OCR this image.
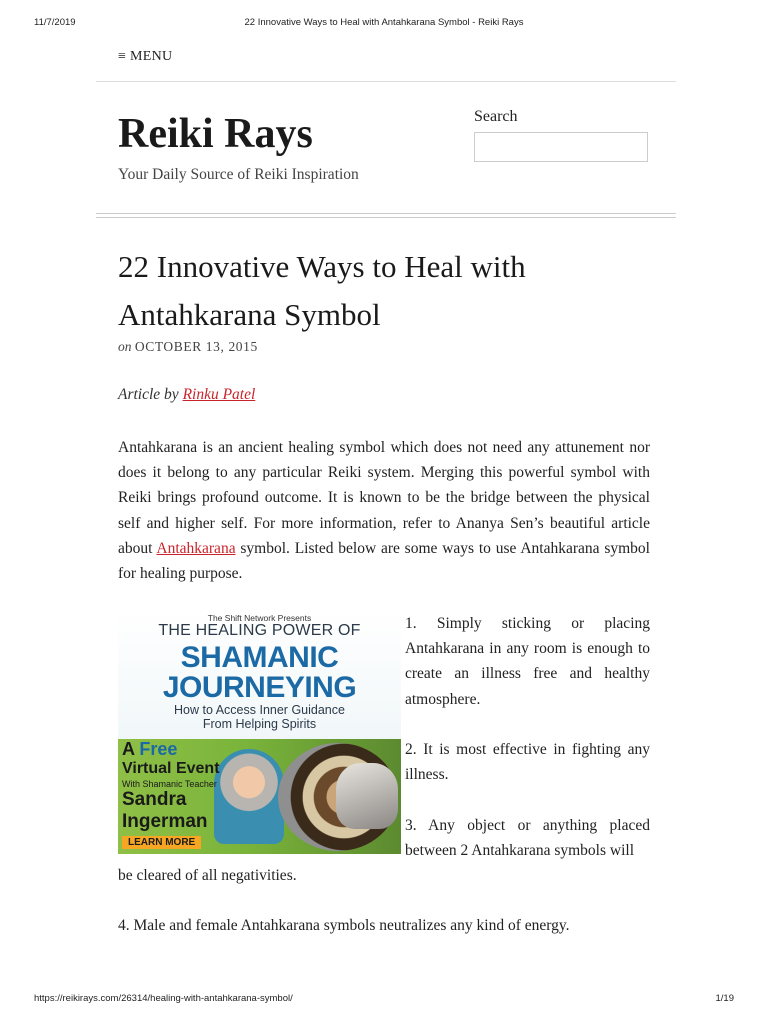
11/7/2019	22 Innovative Ways to Heal with Antahkarana Symbol - Reiki Rays
≡ MENU
Reiki Rays
Your Daily Source of Reiki Inspiration
Search
22 Innovative Ways to Heal with
Antahkarana Symbol
on OCTOBER 13, 2015
Article by Rinku Patel

Antahkarana is an ancient healing symbol which does not need any attunement nor does it belong to any particular Reiki system. Merging this powerful symbol with Reiki brings profound outcome. It is known to be the bridge between the physical self and higher self. For more information, refer to Ananya Sen’s beautiful article about Antahkarana symbol. Listed below are some ways to use Antahkarana symbol for healing purpose.

The Shift Network Presents
THE HEALING POWER OF
SHAMANIC
JOURNEYING
How to Access Inner Guidance
From Helping Spirits
A Free
Virtual Event
With Shamanic Teacher
Sandra
Ingerman
LEARN MORE

1. Simply sticking or placing Antahkarana in any room is enough to create an illness free and healthy atmosphere.

2. It is most effective in fighting any illness.

3. Any object or anything placed between 2 Antahkarana symbols will

be cleared of all negativities.

4. Male and female Antahkarana symbols neutralizes any kind of energy.

https://reikirays.com/26314/healing-with-antahkarana-symbol/	1/19
